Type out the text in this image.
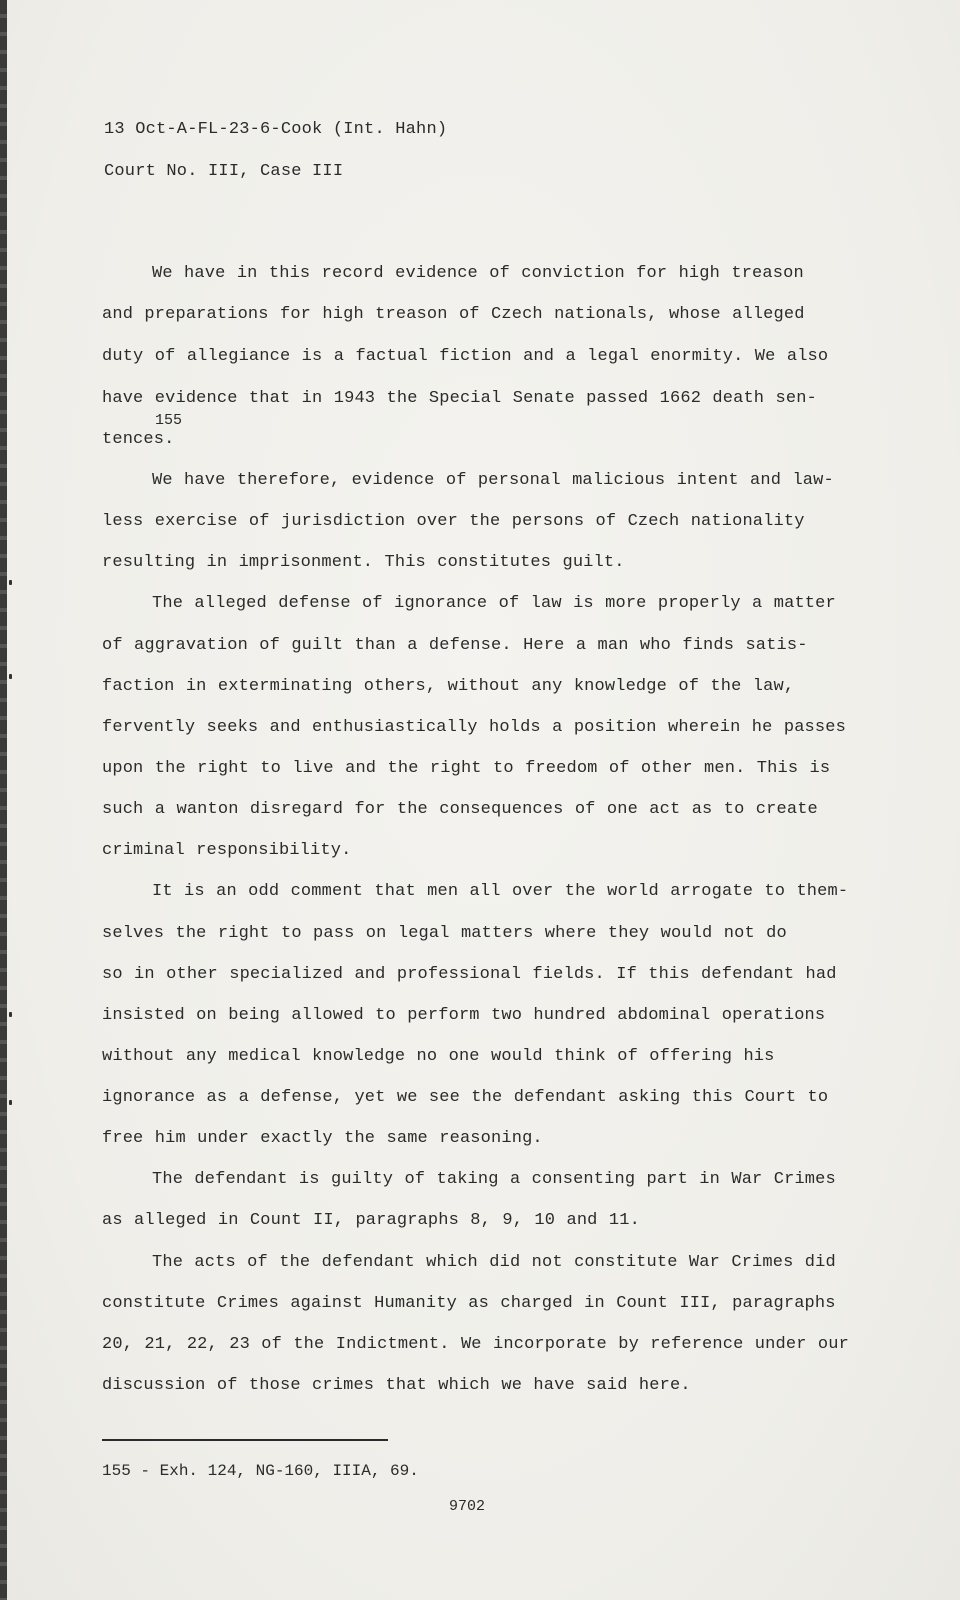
13 Oct-A-FL-23-6-Cook (Int. Hahn)
Court No. III, Case III
We have in this record evidence of conviction for high treason
and preparations for high treason of Czech nationals, whose alleged
duty of allegiance is a factual fiction and a legal enormity. We also
have evidence that in 1943 the Special Senate passed 1662 death sen-
155
tences.
We have therefore, evidence of personal malicious intent and law-
less exercise of jurisdiction over the persons of Czech nationality
resulting in imprisonment. This constitutes guilt.
The alleged defense of ignorance of law is more properly a matter
of aggravation of guilt than a defense. Here a man who finds satis-
faction in exterminating others, without any knowledge of the law,
fervently seeks and enthusiastically holds a position wherein he passes
upon the right to live and the right to freedom of other men. This is
such a wanton disregard for the consequences of one act as to create
criminal responsibility.
It is an odd comment that men all over the world arrogate to them-
selves the right to pass on legal matters where they would not do
so in other specialized and professional fields. If this defendant had
insisted on being allowed to perform two hundred abdominal operations
without any medical knowledge no one would think of offering his
ignorance as a defense, yet we see the defendant asking this Court to
free him under exactly the same reasoning.
The defendant is guilty of taking a consenting part in War Crimes
as alleged in Count II, paragraphs 8, 9, 10 and 11.
The acts of the defendant which did not constitute War Crimes did
constitute Crimes against Humanity as charged in Count III, paragraphs
20, 21, 22, 23 of the Indictment. We incorporate by reference under our
discussion of those crimes that which we have said here.
155 - Exh. 124, NG-160, IIIA, 69.
9702
